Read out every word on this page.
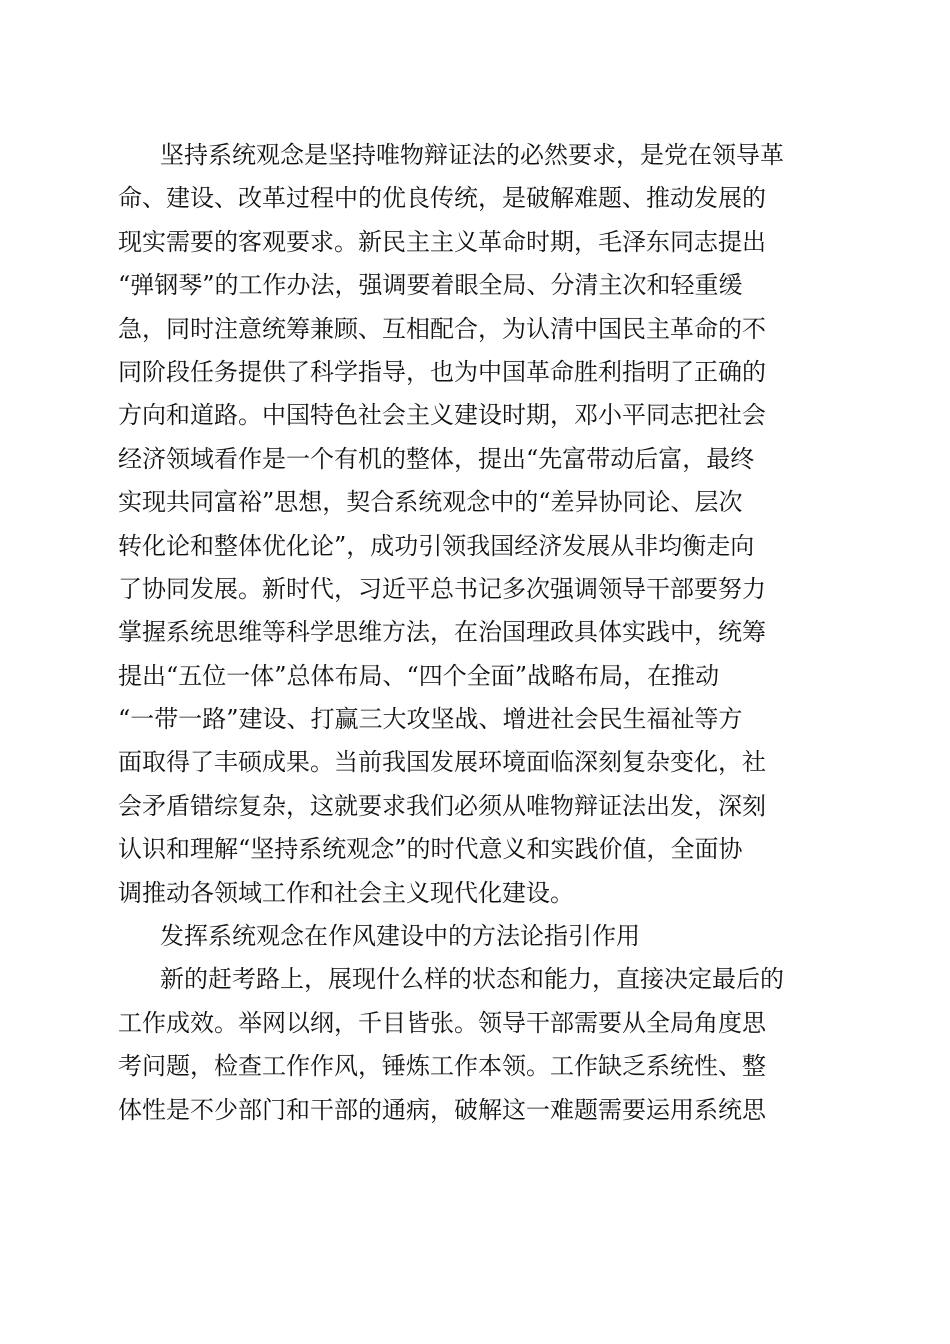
坚持系统观念是坚持唯物辩证法的必然要求，是党在领导革
命、建设、改革过程中的优良传统，是破解难题、推动发展的
现实需要的客观要求。新民主主义革命时期，毛泽东同志提出
“弹钢琴”的工作办法，强调要着眼全局、分清主次和轻重缓
急，同时注意统筹兼顾、互相配合，为认清中国民主革命的不
同阶段任务提供了科学指导，也为中国革命胜利指明了正确的
方向和道路。中国特色社会主义建设时期，邓小平同志把社会
经济领域看作是一个有机的整体，提出“先富带动后富，最终
实现共同富裕”思想，契合系统观念中的“差异协同论、层次
转化论和整体优化论”，成功引领我国经济发展从非均衡走向
了协同发展。新时代，习近平总书记多次强调领导干部要努力
掌握系统思维等科学思维方法，在治国理政具体实践中，统筹
提出“五位一体”总体布局、“四个全面”战略布局，在推动
“一带一路”建设、打赢三大攻坚战、增进社会民生福祉等方
面取得了丰硕成果。当前我国发展环境面临深刻复杂变化，社
会矛盾错综复杂，这就要求我们必须从唯物辩证法出发，深刻
认识和理解“坚持系统观念”的时代意义和实践价值，全面协
调推动各领域工作和社会主义现代化建设。
发挥系统观念在作风建设中的方法论指引作用
新的赶考路上，展现什么样的状态和能力，直接决定最后的
工作成效。举网以纲，千目皆张。领导干部需要从全局角度思
考问题，检查工作作风，锤炼工作本领。工作缺乏系统性、整
体性是不少部门和干部的通病，破解这一难题需要运用系统思
